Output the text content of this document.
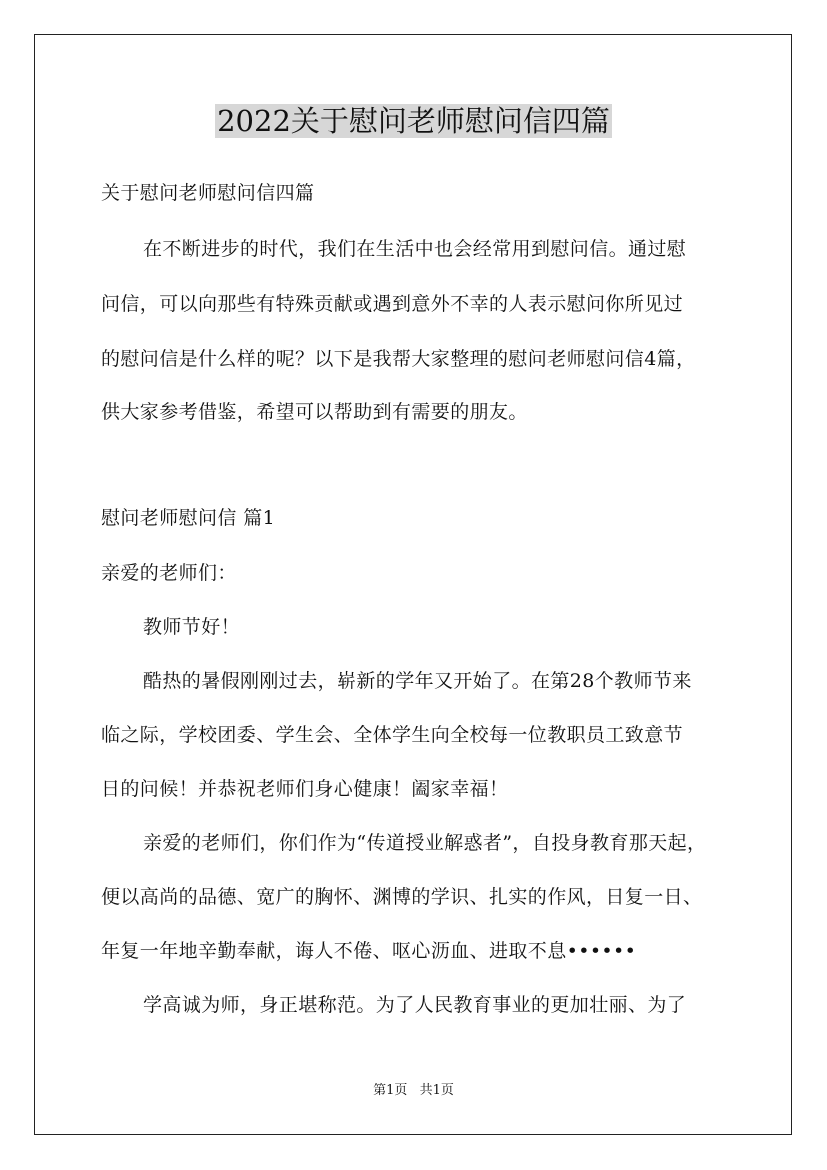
2022关于慰问老师慰问信四篇
关于慰问老师慰问信四篇
在不断进步的时代，我们在生活中也会经常用到慰问信。通过慰
问信，可以向那些有特殊贡献或遇到意外不幸的人表示慰问你所见过
的慰问信是什么样的呢？以下是我帮大家整理的慰问老师慰问信4篇，
供大家参考借鉴，希望可以帮助到有需要的朋友。
慰问老师慰问信 篇1
亲爱的老师们：
教师节好！
酷热的暑假刚刚过去，崭新的学年又开始了。在第28个教师节来
临之际，学校团委、学生会、全体学生向全校每一位教职员工致意节
日的问候！并恭祝老师们身心健康！阖家幸福！
亲爱的老师们，你们作为“传道授业解惑者”，自投身教育那天起，
便以高尚的品德、宽广的胸怀、渊博的学识、扎实的作风，日复一日、
年复一年地辛勤奉献，诲人不倦、呕心沥血、进取不息••••••
学高诚为师，身正堪称范。为了人民教育事业的更加壮丽、为了
第1页 共1页
